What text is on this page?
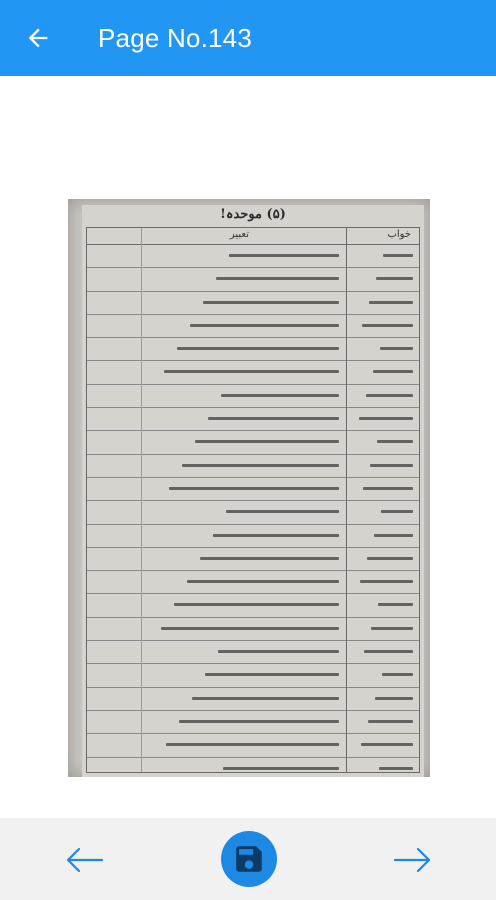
Page No.143
(۵) موحدہ!
خواب
تعبیر
